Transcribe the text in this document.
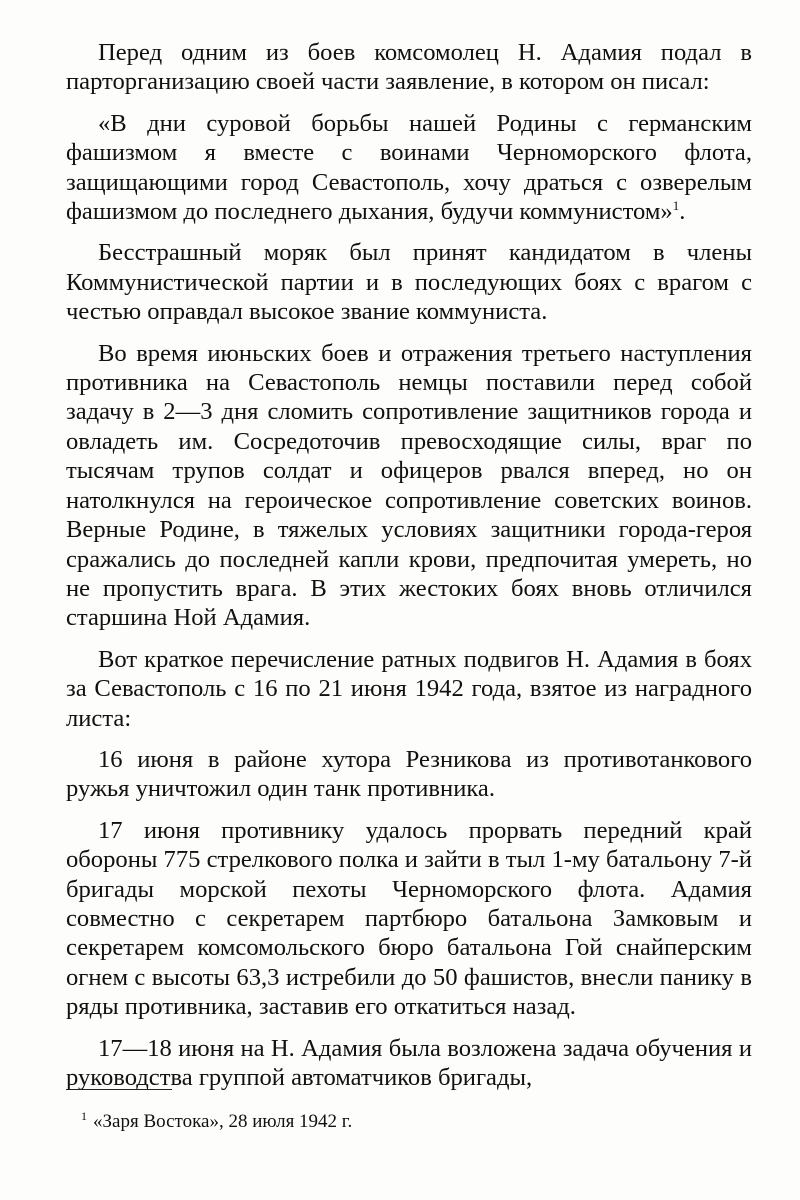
Перед одним из боев комсомолец Н. Адамия подал в парторганизацию своей части заявление, в котором он писал:

«В дни суровой борьбы нашей Родины с германским фашизмом я вместе с воинами Черноморского флота, защищающими город Севастополь, хочу драться с озверелым фашизмом до последнего дыхания, будучи коммунистом»$^1$.

Бесстрашный моряк был принят кандидатом в члены Коммунистической партии и в последующих боях с врагом с честью оправдал высокое звание коммуниста.

Во время июньских боев и отражения третьего наступления противника на Севастополь немцы поставили перед собой задачу в 2—3 дня сломить сопротивление защитников города и овладеть им. Сосредоточив превосходящие силы, враг по тысячам трупов солдат и офицеров рвался вперед, но он натолкнулся на героическое сопротивление советских воинов. Верные Родине, в тяжелых условиях защитники города-героя сражались до последней капли крови, предпочитая умереть, но не пропустить врага. В этих жестоких боях вновь отличился старшина Ной Адамия.

Вот краткое перечисление ратных подвигов Н. Адамия в боях за Севастополь с 16 по 21 июня 1942 года, взятое из наградного листа:

16 июня в районе хутора Резникова из противотанкового ружья уничтожил один танк противника.

17 июня противнику удалось прорвать передний край обороны 775 стрелкового полка и зайти в тыл 1-му батальону 7-й бригады морской пехоты Черноморского флота. Адамия совместно с секретарем партбюро батальона Замковым и секретарем комсомольского бюро батальона Гой снайперским огнем с высоты 63,3 истребили до 50 фашистов, внесли панику в ряды противника, заставив его откатиться назад.

17—18 июня на Н. Адамия была возложена задача обучения и руководства группой автоматчиков бригады,

$^1$ «Заря Востока», 28 июля 1942 г.
